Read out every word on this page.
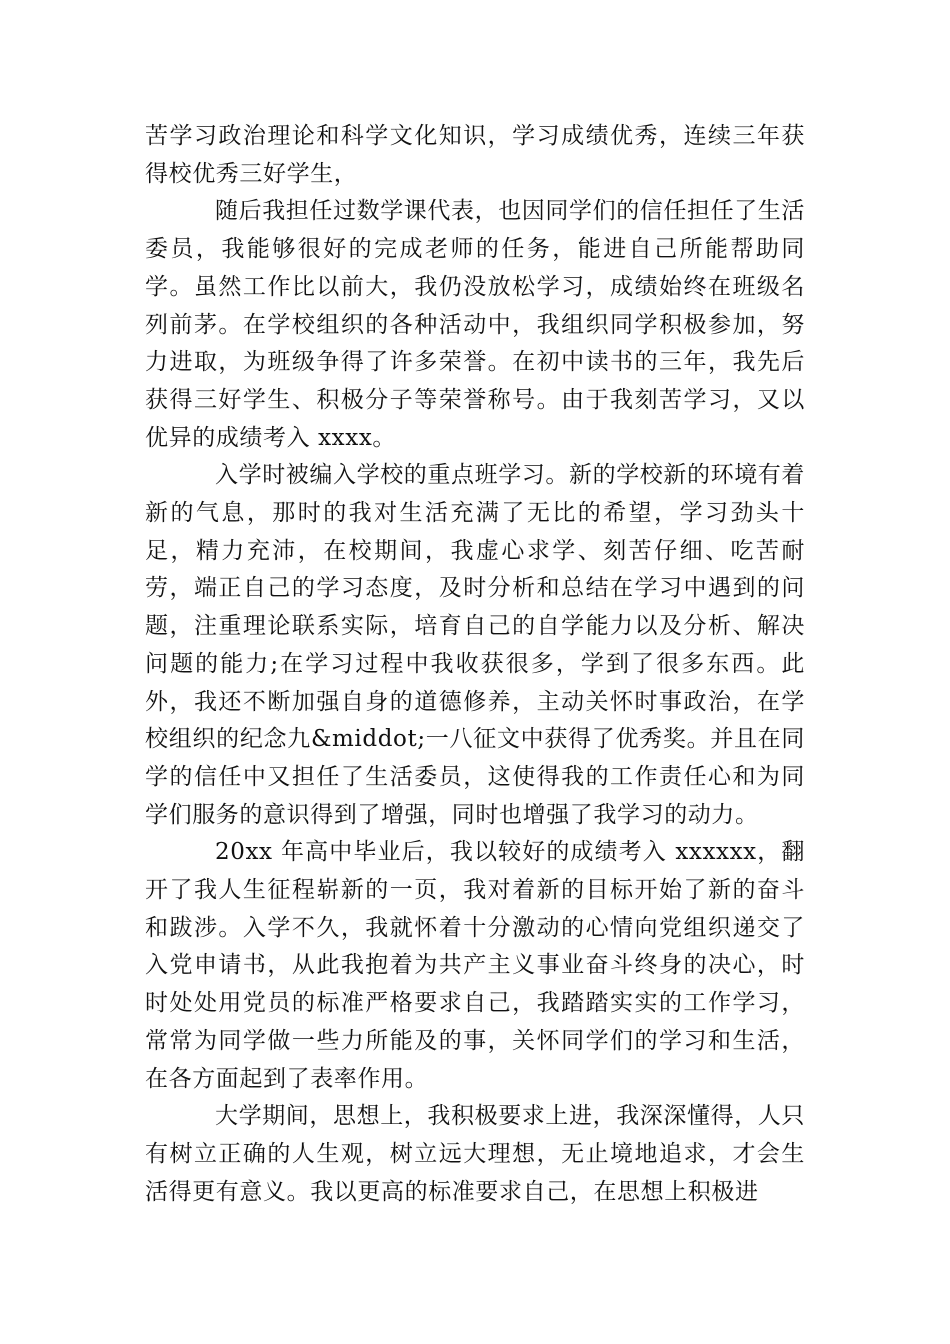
苦学习政治理论和科学文化知识，学习成绩优秀，连续三年获得校优秀三好学生，

随后我担任过数学课代表，也因同学们的信任担任了生活委员，我能够很好的完成老师的任务，能进自己所能帮助同学。虽然工作比以前大，我仍没放松学习，成绩始终在班级名列前茅。在学校组织的各种活动中，我组织同学积极参加，努力进取，为班级争得了许多荣誉。在初中读书的三年，我先后获得三好学生、积极分子等荣誉称号。由于我刻苦学习，又以优异的成绩考入 xxxx。

入学时被编入学校的重点班学习。新的学校新的环境有着新的气息，那时的我对生活充满了无比的希望，学习劲头十足，精力充沛，在校期间，我虚心求学、刻苦仔细、吃苦耐劳，端正自己的学习态度，及时分析和总结在学习中遇到的问题，注重理论联系实际，培育自己的自学能力以及分析、解决问题的能力;在学习过程中我收获很多，学到了很多东西。此外，我还不断加强自身的道德修养，主动关怀时事政治，在学校组织的纪念九&middot;一八征文中获得了优秀奖。并且在同学的信任中又担任了生活委员，这使得我的工作责任心和为同学们服务的意识得到了增强，同时也增强了我学习的动力。

20xx 年高中毕业后，我以较好的成绩考入 xxxxxx，翻开了我人生征程崭新的一页，我对着新的目标开始了新的奋斗和跋涉。入学不久，我就怀着十分激动的心情向党组织递交了入党申请书，从此我抱着为共产主义事业奋斗终身的决心，时时处处用党员的标准严格要求自己，我踏踏实实的工作学习，常常为同学做一些力所能及的事，关怀同学们的学习和生活，在各方面起到了表率作用。

大学期间，思想上，我积极要求上进，我深深懂得，人只有树立正确的人生观，树立远大理想，无止境地追求，才会生活得更有意义。我以更高的标准要求自己，在思想上积极进
